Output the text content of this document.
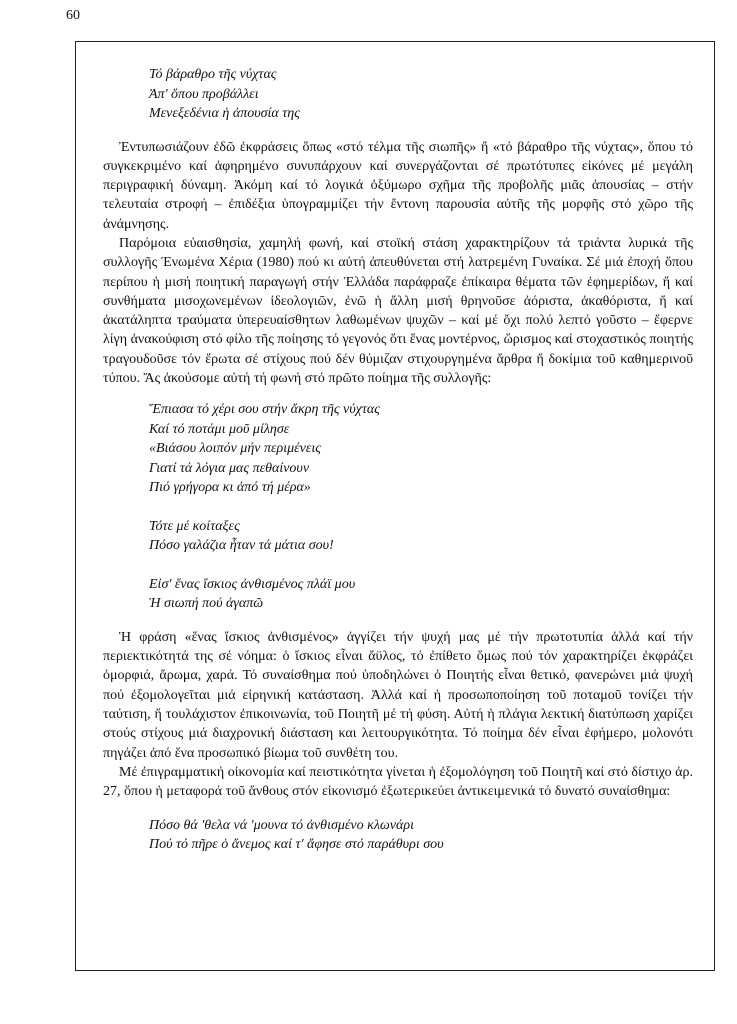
60
Τό βάραθρο τῆς νύχτας
Ἀπ' ὅπου προβάλλει
Μενεξεδένια ἡ ἀπουσία της

Ἐντυπωσιάζουν ἐδῶ ἐκφράσεις ὅπως «στό τέλμα τῆς σιωπῆς» ἤ «τό βάραθρο τῆς νύχτας», ὅπου τό συγκεκριμένο καί ἀφηρημένο συνυπάρχουν καί συνεργάζονται σέ πρωτότυπες εἰκόνες μέ μεγάλη περιγραφική δύναμη. Ἀκόμη καί τό λογικά ὀξύμωρο σχῆμα τῆς προβολῆς μιᾶς ἀπουσίας – στήν τελευταία στροφή – ἐπιδέξια ὑπογραμμίζει τήν ἔντονη παρουσία αὐτῆς τῆς μορφῆς στό χῶρο τῆς ἀνάμνησης.

Παρόμοια εὐαισθησία, χαμηλή φωνή, καί στοϊκή στάση χαρακτηρίζουν τά τριάντα λυρικά τῆς συλλογῆς Ἑνωμένα Χέρια (1980) πού κι αὐτή ἀπευθύνεται στή λατρεμένη Γυναίκα. Σέ μιά ἐποχή ὅπου περίπου ἡ μισή ποιητική παραγωγή στήν Ἑλλάδα παράφραζε ἐπίκαιρα θέματα τῶν ἐφημερίδων, ἤ καί συνθήματα μισοχωνεμένων ἰδεολογιῶν, ἐνῶ ἡ ἄλλη μισή θρηνοῦσε ἀόριστα, ἀκαθόριστα, ἤ καί ἀκατάληπτα τραύματα ὑπερευαίσθητων λαθωμένων ψυχῶν – καί μέ ὄχι πολύ λεπτό γοῦστο – ἔφερνε λίγη ἀνακούφιση στό φίλο τῆς ποίησης τό γεγονός ὅτι ἕνας μοντέρνος, ὥρισμος καί στοχαστικός ποιητής τραγουδοῦσε τόν ἔρωτα σέ στίχους πού δέν θύμιζαν στιχουργημένα ἄρθρα ἤ δοκίμια τοῦ καθημερινοῦ τύπου. Ἄς ἀκούσομε αὐτή τή φωνή στό πρῶτο ποίημα τῆς συλλογῆς:

Ἔπιασα τό χέρι σου στήν ἄκρη τῆς νύχτας
Καί τό ποτάμι μοῦ μίλησε
«Βιάσου λοιπόν μήν περιμένεις
Γιατί τά λόγια μας πεθαίνουν
Πιό γρήγορα κι ἀπό τή μέρα»
Τότε μέ κοίταξες
Πόσο γαλάζια ἦταν τά μάτια σου!
Εἰσ' ἕνας ἴσκιος ἀνθισμένος πλάϊ μου
Ἡ σιωπή πού ἀγαπῶ

Ἡ φράση «ἕνας ἴσκιος ἀνθισμένος» ἀγγίζει τήν ψυχή μας μέ τήν πρωτοτυπία ἀλλά καί τήν περιεκτικότητά της σέ νόημα: ὁ ἴσκιος εἶναι ἄϋλος, τό ἐπίθετο ὅμως πού τόν χαρακτηρίζει ἐκφράζει ὀμορφιά, ἄρωμα, χαρά. Τό συναίσθημα πού ὑποδηλώνει ὁ Ποιητής εἶναι θετικό, φανερώνει μιά ψυχή πού ἐξομολογεῖται μιά εἰρηνική κατάσταση. Ἀλλά καί ἡ προσωποποίηση τοῦ ποταμοῦ τονίζει τήν ταύτιση, ἤ τουλάχιστον ἐπικοινωνία, τοῦ Ποιητῆ μέ τή φύση. Αὐτή ἡ πλάγια λεκτική διατύπωση χαρίζει στούς στίχους μιά διαχρονική διάσταση και λειτουργικότητα. Τό ποίημα δέν εἶναι ἐφήμερο, μολονότι πηγάζει ἀπό ἕνα προσωπικό βίωμα τοῦ συνθέτη του.

Μέ ἐπιγραμματική οἰκονομία καί πειστικότητα γίνεται ἡ ἐξομολόγηση τοῦ Ποιητῆ καί στό δίστιχο ἀρ. 27, ὅπου ἡ μεταφορά τοῦ ἄνθους στόν εἰκονισμό ἐξωτερικεύει ἀντικειμενικά τό δυνατό συναίσθημα:

Πόσο θά 'θελα νά 'μουνα τό ἀνθισμένο κλωνάρι
Πού τό πῆρε ὁ ἄνεμος καί τ' ἄφησε στό παράθυρι σου
